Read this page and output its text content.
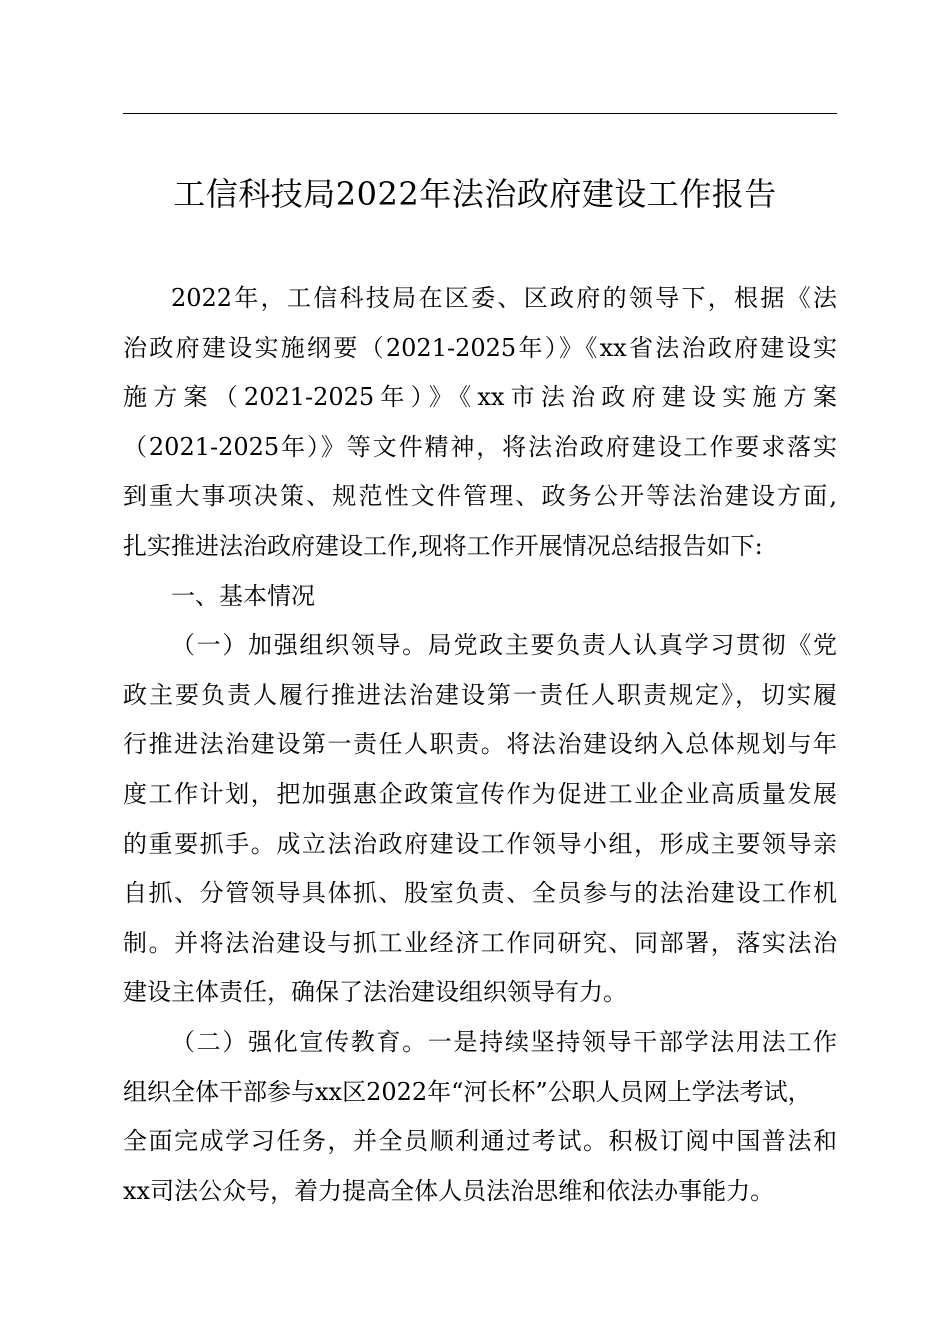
工信科技局2022年法治政府建设工作报告
2022年，工信科技局在区委、区政府的领导下，根据《法
治政府建设实施纲要（2021-2025年）》《xx省法治政府建设实
施方案（2021-2025年）》《xx市法治政府建设实施方案
（2021-2025年）》等文件精神，将法治政府建设工作要求落实
到重大事项决策、规范性文件管理、政务公开等法治建设方面,
扎实推进法治政府建设工作,现将工作开展情况总结报告如下:
一、基本情况
（一）加强组织领导。局党政主要负责人认真学习贯彻《党
政主要负责人履行推进法治建设第一责任人职责规定》，切实履
行推进法治建设第一责任人职责。将法治建设纳入总体规划与年
度工作计划，把加强惠企政策宣传作为促进工业企业高质量发展
的重要抓手。成立法治政府建设工作领导小组，形成主要领导亲
自抓、分管领导具体抓、股室负责、全员参与的法治建设工作机
制。并将法治建设与抓工业经济工作同研究、同部署，落实法治
建设主体责任，确保了法治建设组织领导有力。
（二）强化宣传教育。一是持续坚持领导干部学法用法工作
组织全体干部参与xx区2022年“河长杯”公职人员网上学法考试，
全面完成学习任务，并全员顺利通过考试。积极订阅中国普法和
xx司法公众号，着力提高全体人员法治思维和依法办事能力。
